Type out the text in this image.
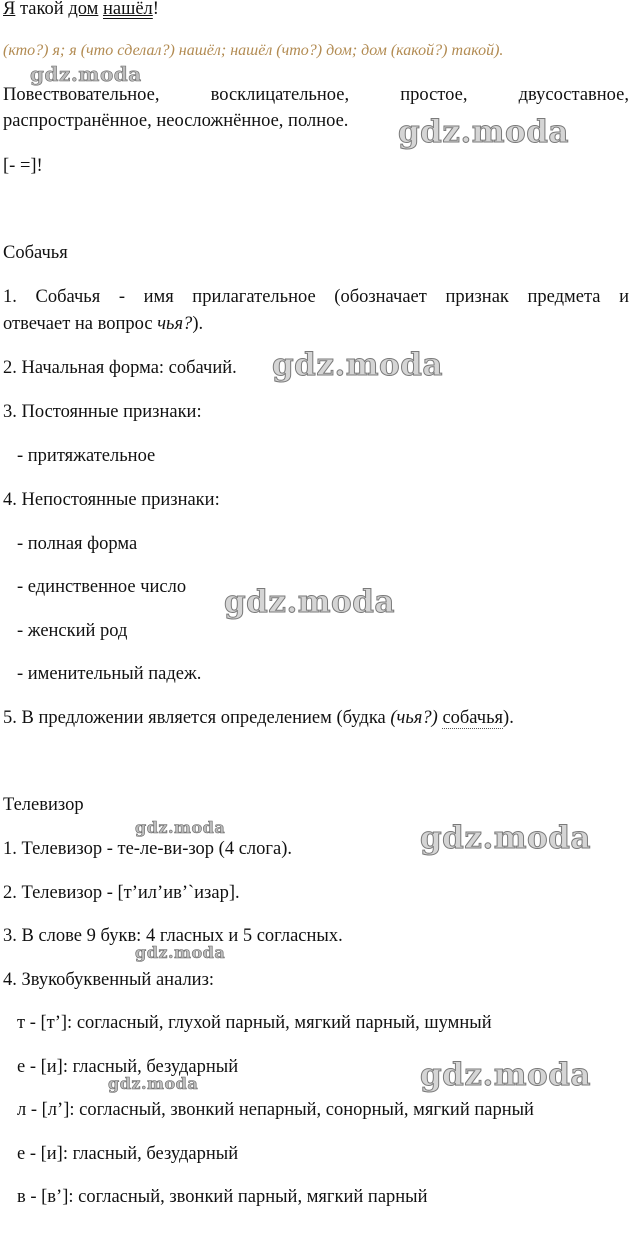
Я такой дом нашёл!
(кто?) я; я (что сделал?) нашёл; нашёл (что?) дом; дом (какой?) такой).
Повествовательное, восклицательное, простое, двусоставное,
распространённое, неосложнённое, полное.
[- =]!
Собачья
1. Собачья - имя прилагательное (обозначает признак предмета и
отвечает на вопрос чья?).
2. Начальная форма: собачий.
3. Постоянные признаки:
- притяжательное
4. Непостоянные признаки:
- полная форма
- единственное число
- женский род
- именительный падеж.
5. В предложении является определением (будка (чья?) собачья).
Телевизор
1. Телевизор - те-ле-ви-зор (4 слога).
2. Телевизор - [т’ил’ив’`изар].
3. В слове 9 букв: 4 гласных и 5 согласных.
4. Звукобуквенный анализ:
т - [т’]: согласный, глухой парный, мягкий парный, шумный
е - [и]: гласный, безударный
л - [л’]: согласный, звонкий непарный, сонорный, мягкий парный
е - [и]: гласный, безударный
в - [в’]: согласный, звонкий парный, мягкий парный
gdz.moda
gdz.moda
gdz.moda
gdz.moda
gdz.moda	gdz.moda
gdz.moda
gdz.moda
gdz.moda
